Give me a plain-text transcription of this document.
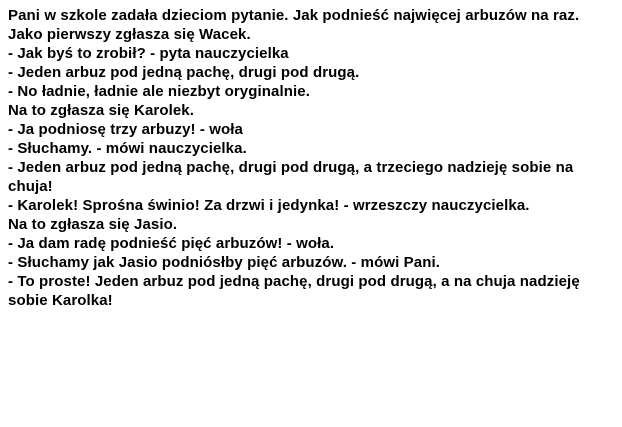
Pani w szkole zadała dzieciom pytanie. Jak podnieść najwięcej arbuzów na raz.
Jako pierwszy zgłasza się Wacek.
- Jak byś to zrobił? - pyta nauczycielka
- Jeden arbuz pod jedną pachę, drugi pod drugą.
- No ładnie, ładnie ale niezbyt oryginalnie.
Na to zgłasza się Karolek.
- Ja podniosę trzy arbuzy! - woła
- Słuchamy. - mówi nauczycielka.
- Jeden arbuz pod jedną pachę, drugi pod drugą, a trzeciego nadzieję sobie na
chuja!
- Karolek! Sprośna świnio! Za drzwi i jedynka! - wrzeszczy nauczycielka.
Na to zgłasza się Jasio.
- Ja dam radę podnieść pięć arbuzów! - woła.
- Słuchamy jak Jasio podniósłby pięć arbuzów. - mówi Pani.
- To proste! Jeden arbuz pod jedną pachę, drugi pod drugą, a na chuja nadzieję
sobie Karolka!
